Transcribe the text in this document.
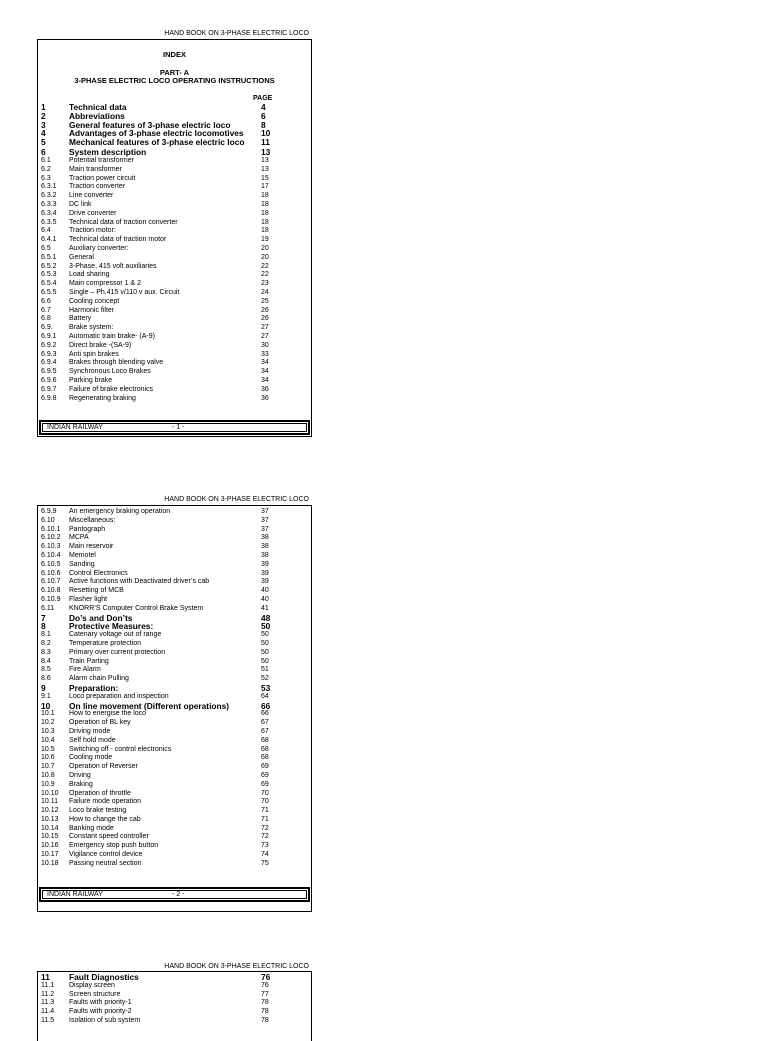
HAND BOOK ON 3-PHASE ELECTRIC LOCO
INDEX
PART- A
3-PHASE ELECTRIC LOCO OPERATING INSTRUCTIONS
PAGE
1	Technical data	4
2	Abbreviations	6
3	General features of 3-phase electric loco	8
4	Advantages of 3-phase electric locomotives 10
5	Mechanical features of 3-phase electric loco 11
6	System description	13
6.1	Potential transformer	13
6.2	Main transformer	13
6.3	Traction power circuit	15
6.3.1 Traction converter	17
6.3.2 Line converter	18
6.3.3 DC link	18
6.3.4 Drive converter	18
6.3.5 Technical data of traction converter	18
6.4	Traction motor:	18
6.4.1 Technical data of traction motor	19
6.5	Auxiliary converter:	20
6.5.1 General	20
6.5.2 3-Phase, 415 volt auxiliaries	22
6.5.3 Load sharing	22
6.5.4 Main compressor 1 & 2	23
6.5.5 Single – Ph.415 v/110 v aux. Circuit	24
6.6	Cooling concept	25
6.7	Harmonic filter	26
6.8	Battery	26
6.9. Brake system:	27
6.9.1 Automatic train brake- (A-9)	27
6.9.2 Direct brake -(SA-9)	30
6.9.3 Anti spin brakes	33
6.9.4 Brakes through blending valve	34
6.9.5 Synchronous Loco Brakes	34
6.9.6 Parking brake	34
6.9.7 Failure of brake electronics	36
6.9.8 Regenerating braking	36
INDIAN RAILWAY	- 1 -
HAND BOOK ON 3-PHASE ELECTRIC LOCO
6.9.9 An emergency braking operation	37
6.10 Miscellaneous:	37
6.10.1 Pantograph	37
6.10.2 MCPA	38
6.10.3 Main reservoir	38
6.10.4 Memotel	38
6.10.5 Sanding	39
6.10.6 Control Electronics	39
6.10.7 Active functions with Deactivated driver’s cab	39
6.10.8 Resetting of MCB	40
6.10.9 Flasher light	40
6.11 KNORR’S Computer Control Brake System	41
7	Do’s and Don’ts	48
8	Protective Measures:	50
8.1	Catenary voltage out of range	50
8.2	Temperature protection	50
8.3	Primary over current protection	50
8.4	Train Parting	50
8.5	Fire Alarm	51
8.6	Alarm chain Pulling	52
9	Preparation:	53
9.1	Loco preparation and inspection	64
10 On line movement (Different operations)	66
10.1 How to energise the loco	66
10.2 Operation of BL key	67
10.3 Driving mode	67
10.4 Self hold mode	68
10.5 Switching off - control electronics	68
10.6 Cooling mode	68
10.7 Operation of Reverser	69
10.8 Driving	69
10.9 Braking	69
10.10 Operation of throttle	70
10.11 Failure mode operation	70
10.12 Loco brake testing	71
10.13 How to change the cab	71
10.14 Banking mode	72
10.15 Constant speed controller	72
10.16 Emergency stop push button	73
10.17 Vigilance control device	74
10.18 Passing neutral section	75
INDIAN RAILWAY	- 2 -
HAND BOOK ON 3-PHASE ELECTRIC LOCO
11 Fault Diagnostics	76
11.1 Display screen	76
11.2 Screen structure	77
11.3 Faults with priority-1	78
11.4 Faults with priority-2	78
11.5 Isolation of sub system	78
